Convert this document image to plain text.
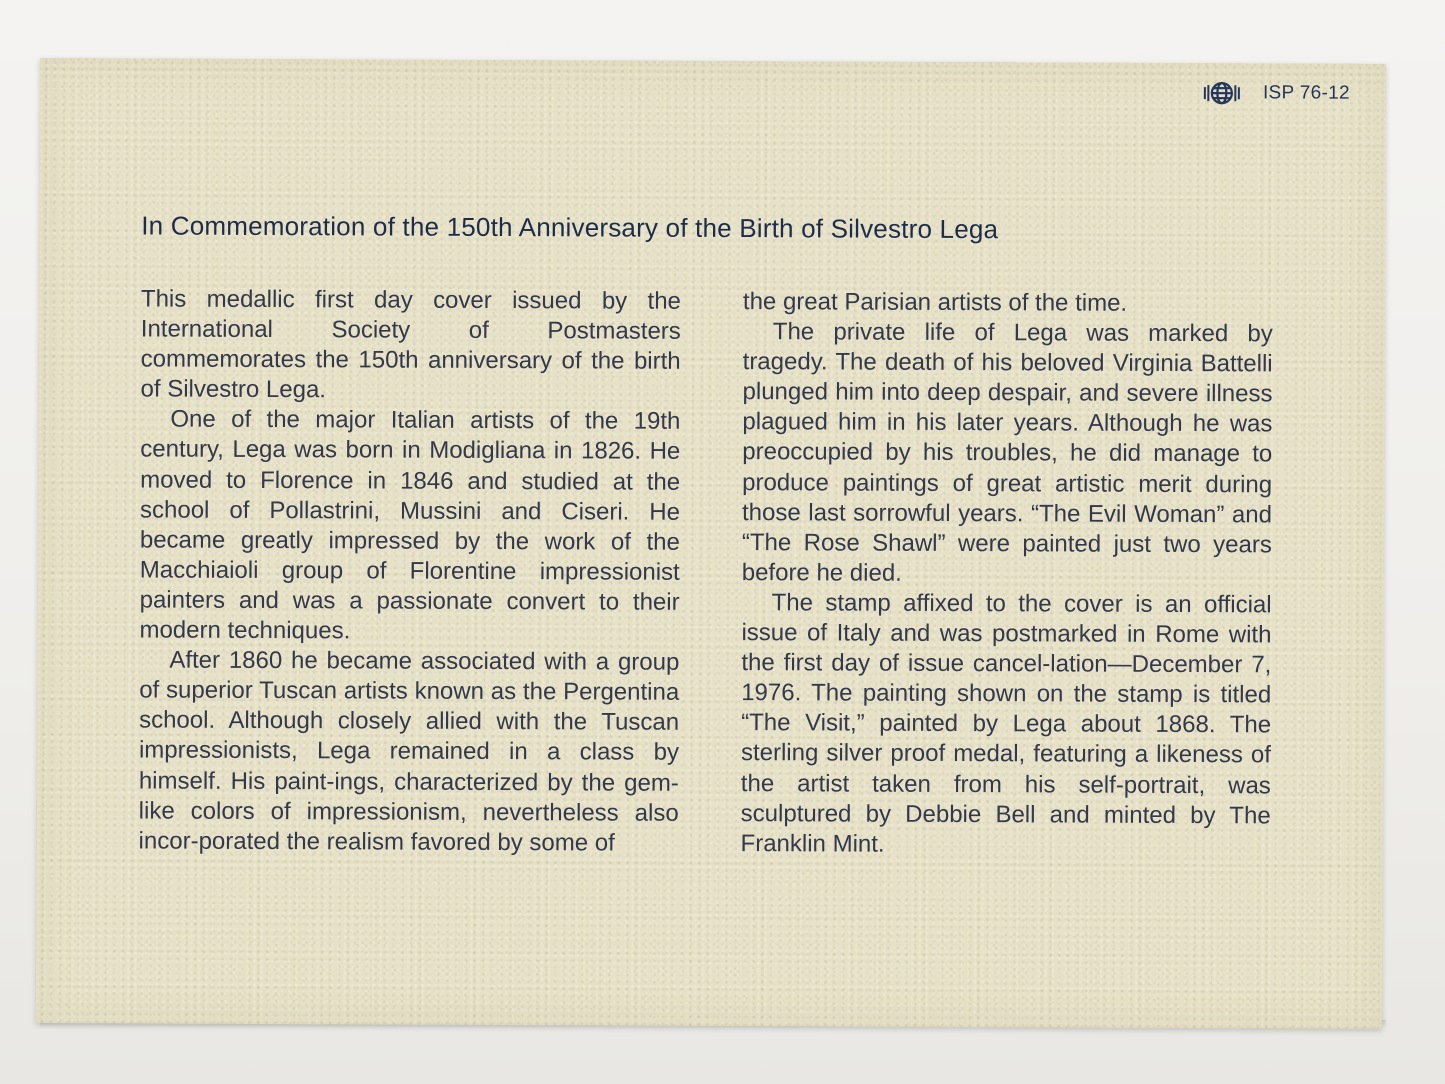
ISP 76-12
In Commemoration of the 150th Anniversary of the Birth of Silvestro Lega

This medallic first day cover issued by the International Society of Postmasters commemorates the 150th anniversary of the birth of Silvestro Lega.

One of the major Italian artists of the 19th century, Lega was born in Modigliana in 1826. He moved to Florence in 1846 and studied at the school of Pollastrini, Mussini and Ciseri. He became greatly impressed by the work of the Macchiaioli group of Florentine impressionist painters and was a passionate convert to their modern techniques.

After 1860 he became associated with a group of superior Tuscan artists known as the Pergentina school. Although closely allied with the Tuscan impressionists, Lega remained in a class by himself. His paint-ings, characterized by the gem-like colors of impressionism, nevertheless also incor-porated the realism favored by some of

the great Parisian artists of the time.

The private life of Lega was marked by tragedy. The death of his beloved Virginia Battelli plunged him into deep despair, and severe illness plagued him in his later years. Although he was preoccupied by his troubles, he did manage to produce paintings of great artistic merit during those last sorrowful years. “The Evil Woman” and “The Rose Shawl” were painted just two years before he died.

The stamp affixed to the cover is an official issue of Italy and was postmarked in Rome with the first day of issue cancel-lation—December 7, 1976. The painting shown on the stamp is titled “The Visit,” painted by Lega about 1868. The sterling silver proof medal, featuring a likeness of the artist taken from his self-portrait, was sculptured by Debbie Bell and minted by The Franklin Mint.
